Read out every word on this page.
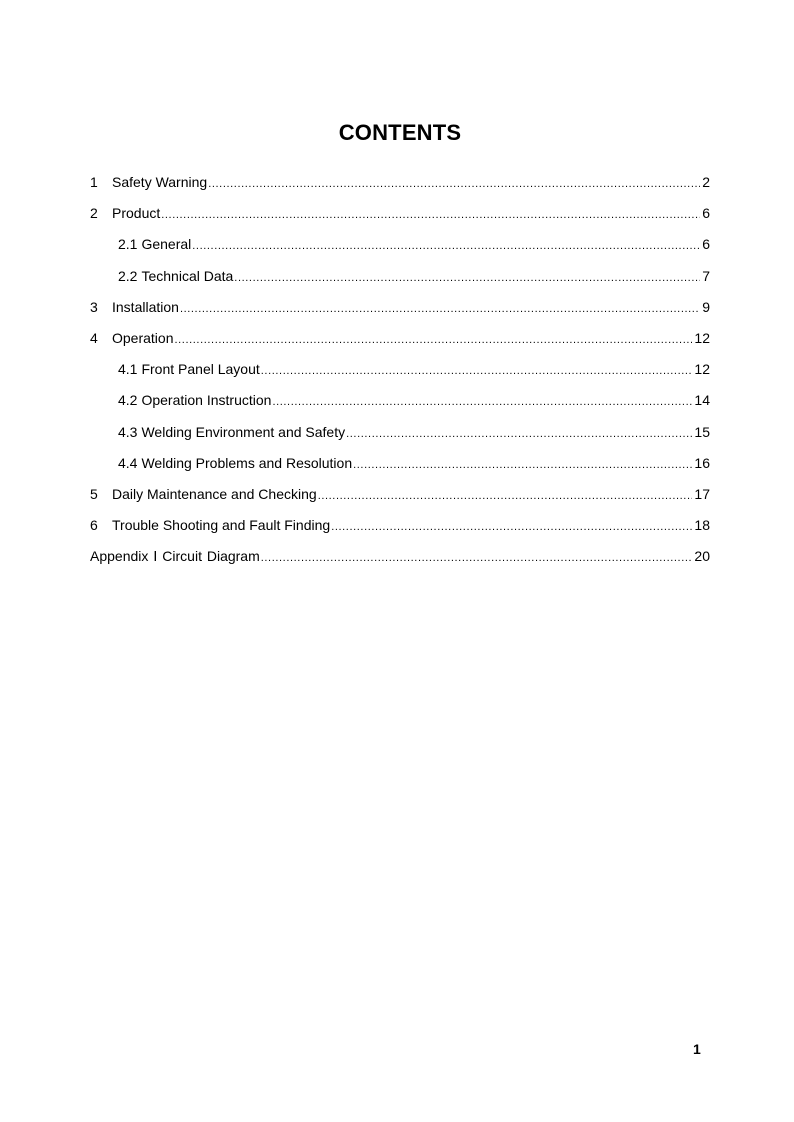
CONTENTS
1	Safety Warning .....	2
2	Product .....	6
2.1 General .....	6
2.2 Technical Data .....	7
3	Installation .....	9
4	Operation .....	12
4.1 Front Panel Layout .....	12
4.2 Operation Instruction .....	14
4.3 Welding Environment and Safety .....	15
4.4 Welding Problems and Resolution .....	16
5	Daily Maintenance and Checking .....	17
6	Trouble Shooting and Fault Finding .....	18
Appendix Ⅰ Circuit Diagram .....	20
1
